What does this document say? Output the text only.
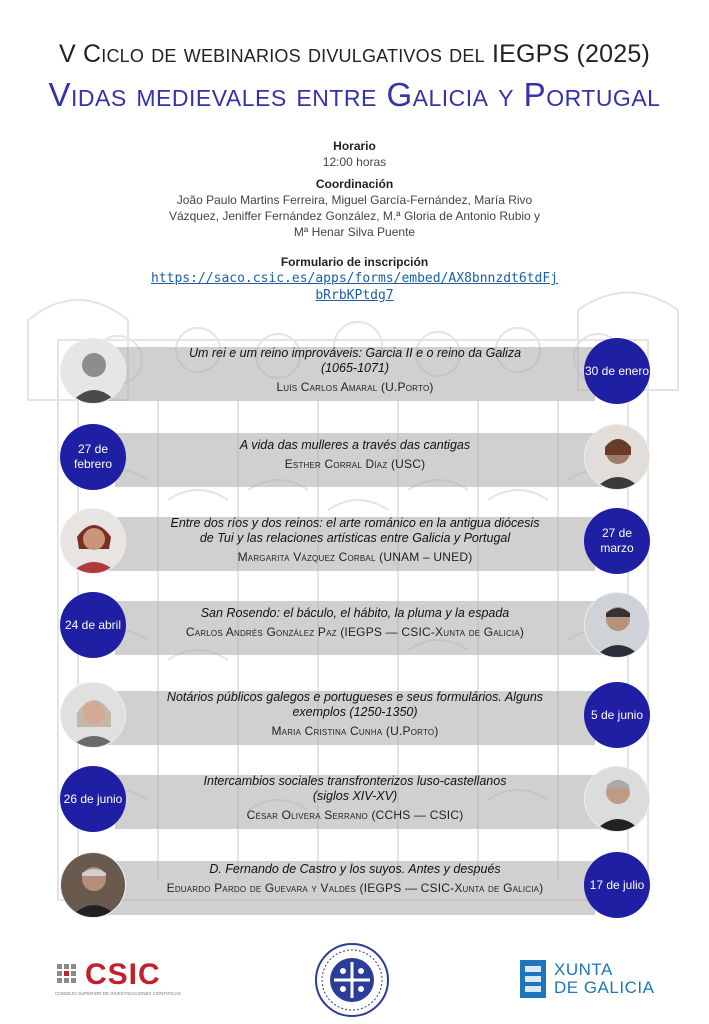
V Ciclo de webinarios divulgativos del IEGPS (2025)
Vidas medievales entre Galicia y Portugal
Horario
12:00 horas
Coordinación
João Paulo Martins Ferreira, Miguel García-Fernández, María Rivo
Vázquez, Jeniffer Fernández González, M.ª Gloria de Antonio Rubio y
Mª Henar Silva Puente
Formulario de inscripción
https://saco.csic.es/apps/forms/embed/AX8bnnzdt6tdFj
bRrbKPtdg7
Um rei e um reino improváveis: Garcia II e o reino da Galiza
(1065-1071)
Luís Carlos Amaral (U.Porto)
30 de enero
27 de febrero
A vida das mulleres a través das cantigas
Esther Corral Díaz (USC)
Entre dos ríos y dos reinos: el arte románico en la antigua diócesis
de Tui y las relaciones artísticas entre Galicia y Portugal
Margarita Vázquez Corbal (UNAM – UNED)
27 de marzo
24 de abril
San Rosendo: el báculo, el hábito, la pluma y la espada
Carlos Andrés González Paz (IEGPS — CSIC-Xunta de Galicia)
Notários públicos galegos e portugueses e seus formulários. Alguns
exemplos (1250-1350)
Maria Cristina Cunha (U.Porto)
5 de junio
26 de junio
Intercambios sociales transfronterizos luso-castellanos
(siglos XIV-XV)
César Olivera Serrano (CCHS — CSIC)
D. Fernando de Castro y los suyos. Antes y después
Eduardo Pardo de Guevara y Valdés (IEGPS — CSIC-Xunta de Galicia)	17 de julio
CSIC
CONSEJO SUPERIOR DE INVESTIGACIONES CIENTÍFICAS
XUNTA
DE GALICIA
